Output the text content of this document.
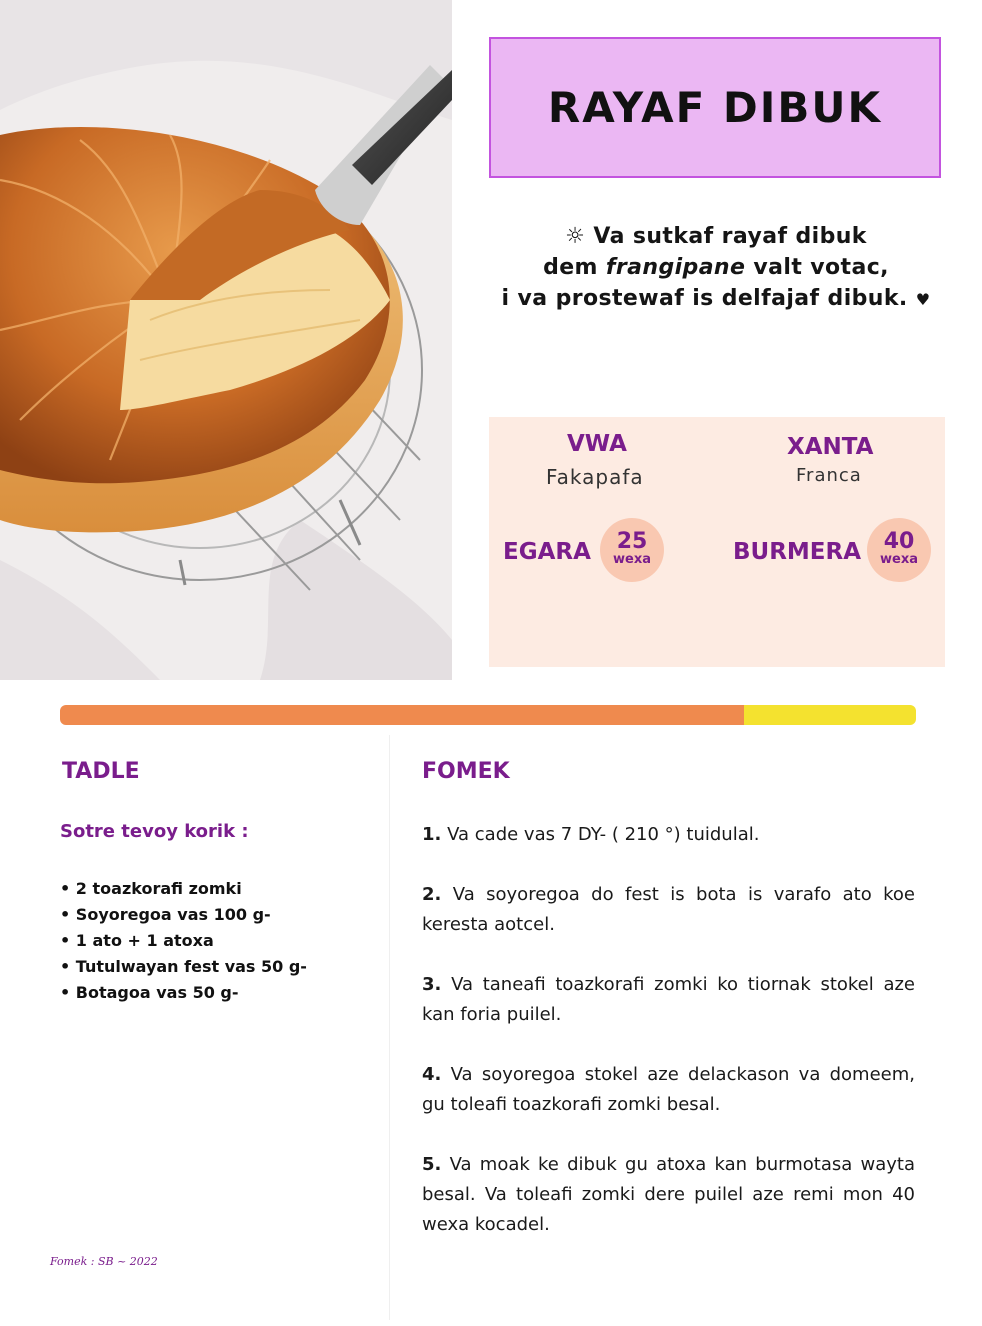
RAYAF DIBUK
☼ Va sutkaf rayaf dibuk
dem frangipane valt votac,
i va prostewaf is delfajaf dibuk. ♥
VWA
Fakapafa
XANTA
Franca
EGARA	25
wexa	BURMERA	40
wexa
TADLE
Sotre tevoy korik :
• 2 toazkorafi zomki
• Soyoregoa vas 100 g-
• 1 ato + 1 atoxa
• Tutulwayan fest vas 50 g-
• Botagoa vas 50 g-
Fomek : SB ~ 2022
FOMEK
1. Va cade vas 7 DY- ( 210 °) tuidulal.
2. Va soyoregoa do fest is bota is varafo ato koe keresta aotcel.
3. Va taneafi toazkorafi zomki ko tiornak stokel aze kan foria puilel.
4. Va soyoregoa stokel aze delackason va domeem, gu toleafi toazkorafi zomki besal.
5. Va moak ke dibuk gu atoxa kan burmotasa wayta besal. Va toleafi zomki dere puilel aze remi mon 40 wexa kocadel.
